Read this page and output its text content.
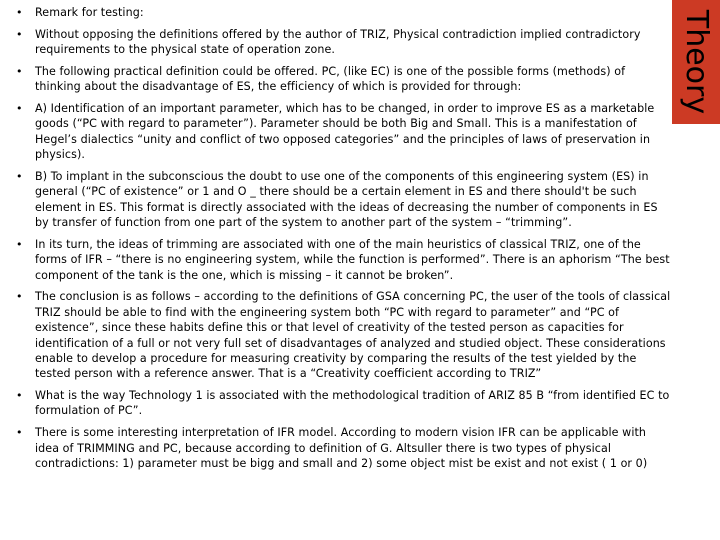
• Remark for testing:
• Without opposing the definitions offered by the author of TRIZ, Physical contradiction implied contradictory requirements to the physical state of operation zone.
• The following practical definition could be offered. PC, (like EC) is one of the possible forms (methods) of thinking about the disadvantage of ES, the efficiency of which is provided for through:
• A) Identification of an important parameter, which has to be changed, in order to improve ES as a marketable goods (“PC with regard to parameter”). Parameter should be both Big and Small. This is a manifestation of Hegel’s dialectics “unity and conflict of two opposed categories” and the principles of laws of preservation in physics).
• B) To implant in the subconscious the doubt to use one of the components of this engineering system (ES) in general (“PC of existence” or 1 and O _ there should be a certain element in ES and there should't be such element in ES. This format is directly associated with the ideas of decreasing the number of components in ES by transfer of function from one part of the system to another part of the system – “trimming”.
• In its turn, the ideas of trimming are associated with one of the main heuristics of classical TRIZ, one of the forms of IFR – “there is no engineering system, while the function is performed”. There is an aphorism “The best component of the tank is the one, which is missing – it cannot be broken”.
• The conclusion is as follows – according to the definitions of GSA concerning PC, the user of the tools of classical TRIZ should be able to find with the engineering system both “PC with regard to parameter” and “PC of existence”, since these habits define this or that level of creativity of the tested person as capacities for identification of a full or not very full set of disadvantages of analyzed and studied object. These considerations enable to develop a procedure for measuring creativity by comparing the results of the test yielded by the tested person with a reference answer. That is a “Creativity coefficient according to TRIZ”
• What is the way Technology 1 is associated with the methodological tradition of ARIZ 85 B “from identified EC to formulation of PC”.
• There is some interesting interpretation of IFR model. According to modern vision IFR can be applicable with idea of TRIMMING and PC, because according to definition of G. Altsuller there is two types of physical contradictions: 1) parameter must be bigg and small and 2) some object mist be exist and not exist ( 1 or 0)
Theory
